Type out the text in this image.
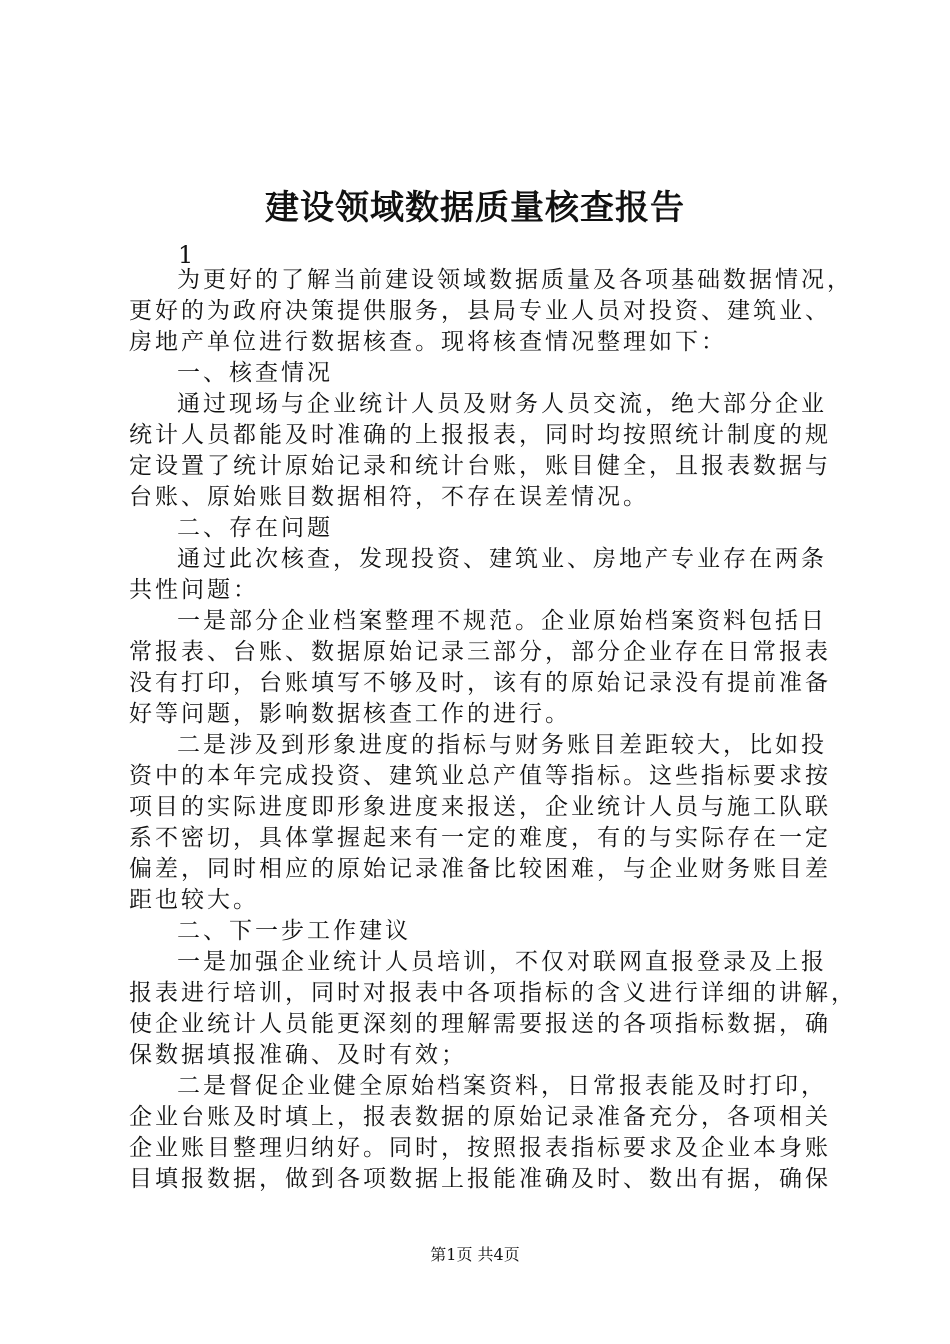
建设领域数据质量核查报告
1
为更好的了解当前建设领域数据质量及各项基础数据情况，
更好的为政府决策提供服务，县局专业人员对投资、建筑业、
房地产单位进行数据核查。现将核查情况整理如下：
一、核查情况
通过现场与企业统计人员及财务人员交流，绝大部分企业
统计人员都能及时准确的上报报表，同时均按照统计制度的规
定设置了统计原始记录和统计台账，账目健全，且报表数据与
台账、原始账目数据相符，不存在误差情况。
二、存在问题
通过此次核查，发现投资、建筑业、房地产专业存在两条
共性问题：
一是部分企业档案整理不规范。企业原始档案资料包括日
常报表、台账、数据原始记录三部分，部分企业存在日常报表
没有打印，台账填写不够及时，该有的原始记录没有提前准备
好等问题，影响数据核查工作的进行。
二是涉及到形象进度的指标与财务账目差距较大，比如投
资中的本年完成投资、建筑业总产值等指标。这些指标要求按
项目的实际进度即形象进度来报送，企业统计人员与施工队联
系不密切，具体掌握起来有一定的难度，有的与实际存在一定
偏差，同时相应的原始记录准备比较困难，与企业财务账目差
距也较大。
二、下一步工作建议
一是加强企业统计人员培训，不仅对联网直报登录及上报
报表进行培训，同时对报表中各项指标的含义进行详细的讲解，
使企业统计人员能更深刻的理解需要报送的各项指标数据，确
保数据填报准确、及时有效；
二是督促企业健全原始档案资料，日常报表能及时打印，
企业台账及时填上，报表数据的原始记录准备充分，各项相关
企业账目整理归纳好。同时，按照报表指标要求及企业本身账
目填报数据，做到各项数据上报能准确及时、数出有据，确保
第1页 共4页
